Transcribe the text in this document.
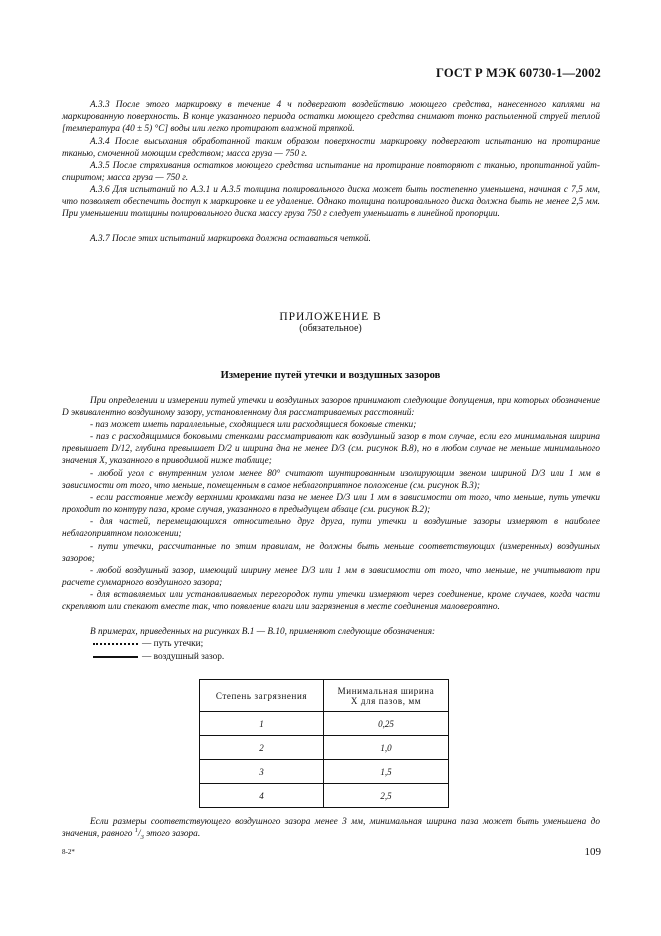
ГОСТ Р МЭК 60730-1—2002
А.3.3 После этого маркировку в течение 4 ч подвергают воздействию моющего средства, нанесенного каплями на маркированную поверхность. В конце указанного периода остатки моющего средства снимают тонко распыленной струей теплой [температура (40 ± 5) °С] воды или легко протирают влажной тряпкой.
А.3.4 После высыхания обработанной таким образом поверхности маркировку подвергают испытанию на протирание тканью, смоченной моющим средством; масса груза — 750 г.
А.3.5 После стряхивания остатков моющего средства испытание на протирание повторяют с тканью, пропитанной уайт-спиритом; масса груза — 750 г.
А.3.6 Для испытаний по А.3.1 и А.3.5 толщина полировального диска может быть постепенно уменьшена, начиная с 7,5 мм, что позволяет обеспечить доступ к маркировке и ее удаление. Однако толщина полировального диска должна быть не менее 2,5 мм. При уменьшении толщины полировального диска массу груза 750 г следует уменьшать в линейной пропорции.
А.3.7 После этих испытаний маркировка должна оставаться четкой.
ПРИЛОЖЕНИЕ В
(обязательное)
Измерение путей утечки и воздушных зазоров
При определении и измерении путей утечки и воздушных зазоров принимают следующие допущения, при которых обозначение D эквивалентно воздушному зазору, установленному для рассматриваемых расстояний:
- паз может иметь параллельные, сходящиеся или расходящиеся боковые стенки;
- паз с расходящимися боковыми стенками рассматривают как воздушный зазор в том случае, если его минимальная ширина превышает D/12, глубина превышает D/2 и ширина дна не менее D/3 (см. рисунок В.8), но в любом случае не меньше минимального значения X, указанного в приводимой ниже таблице;
- любой угол с внутренним углом менее 80° считают шунтированным изолирующим звеном шириной D/3 или 1 мм в зависимости от того, что меньше, помещенным в самое неблагоприятное положение (см. рисунок В.3);
- если расстояние между верхними кромками паза не менее D/3 или 1 мм в зависимости от того, что меньше, путь утечки проходит по контуру паза, кроме случая, указанного в предыдущем абзаце (см. рисунок В.2);
- для частей, перемещающихся относительно друг друга, пути утечки и воздушные зазоры измеряют в наиболее неблагоприятном положении;
- пути утечки, рассчитанные по этим правилам, не должны быть меньше соответствующих (измеренных) воздушных зазоров;
- любой воздушный зазор, имеющий ширину менее D/3 или 1 мм в зависимости от того, что меньше, не учитывают при расчете суммарного воздушного зазора;
- для вставляемых или устанавливаемых перегородок пути утечки измеряют через соединение, кроме случаев, когда части скрепляют или спекают вместе так, что появление влаги или загрязнения в месте соединения маловероятно.
В примерах, приведенных на рисунках В.1 — В.10, применяют следующие обозначения:
— путь утечки;
— воздушный зазор.
Степень загрязнения	Минимальная ширина
X для пазов, мм
1	0,25
2	1,0
3	1,5
4	2,5
Если размеры соответствующего воздушного зазора менее 3 мм, минимальная ширина паза может быть уменьшена до значения, равного $^1/_3$ этого зазора.
8-2*	109
